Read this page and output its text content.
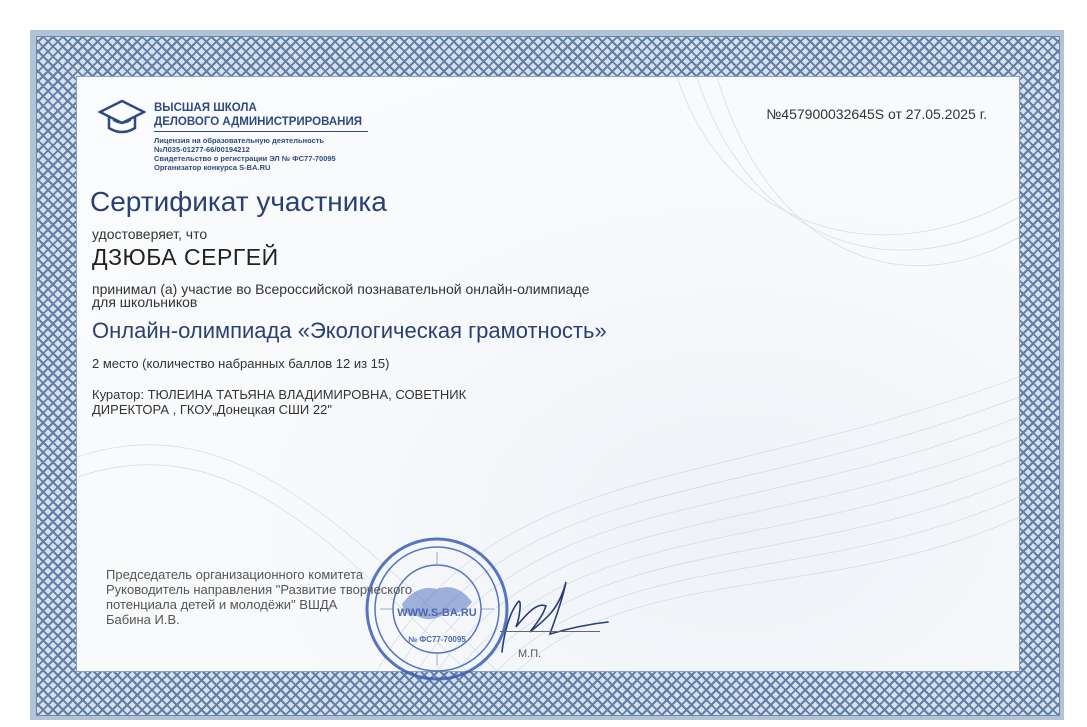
ВЫСШАЯ ШКОЛА
ДЕЛОВОГО АДМИНИСТРИРОВАНИЯ
Лицензия на образовательную деятельность
№Л035-01277-66/00194212
Свидетельство о регистрации ЭЛ № ФС77-70095
Организатор конкурса S-BA.RU
№457900032645S от 27.05.2025 г.
Сертификат участника
удостоверяет, что
ДЗЮБА СЕРГЕЙ
принимал (а) участие во Всероссийской познавательной онлайн-олимпиаде
для школьников
Онлайн-олимпиада «Экологическая грамотность»
2 место (количество набранных баллов 12 из 15)
Куратор: ТЮЛЕИНА ТАТЬЯНА ВЛАДИМИРОВНА, СОВЕТНИК
ДИРЕКТОРА , ГКОУ„Донецкая СШИ 22"
WWW.S-BA.RU
№ ФС77-70095
Председатель организационного комитета
Руководитель направления "Развитие творческого
потенциала детей и молодёжи" ВШДА
Бабина И.В.
М.П.
